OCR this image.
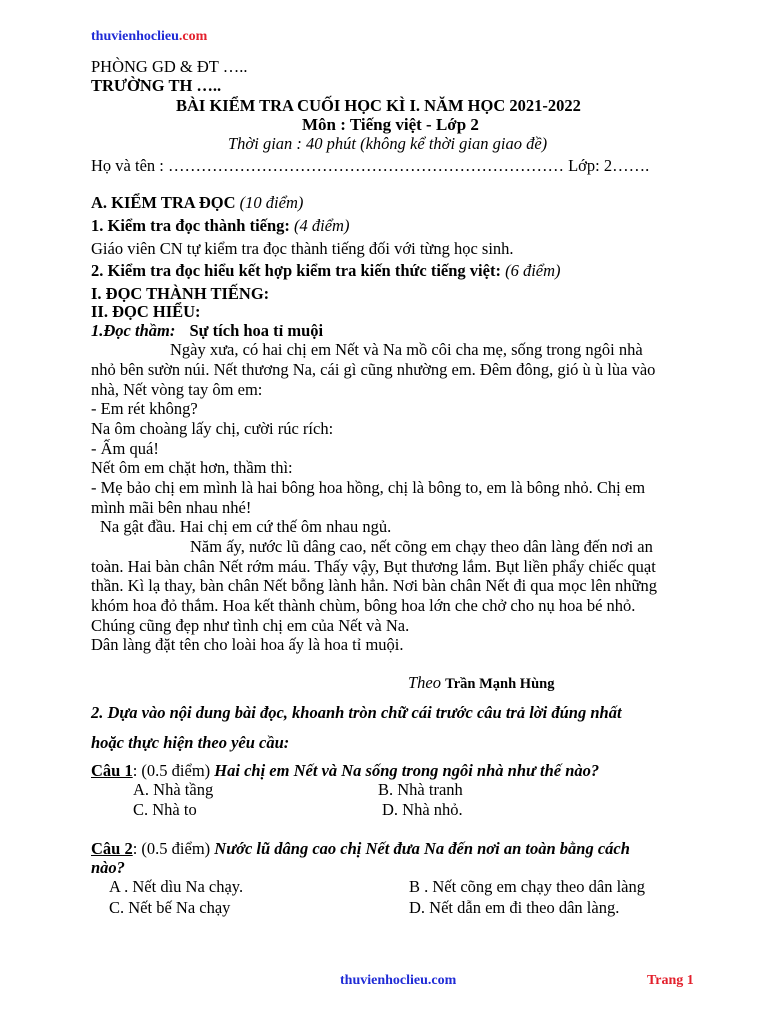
thuvienhoclieu.com
PHÒNG GD & ĐT …..
TRƯỜNG TH …..
BÀI KIỂM TRA CUỐI HỌC KÌ I. NĂM HỌC 2021-2022
Môn : Tiếng việt - Lớp 2
Thời gian : 40 phút (không kể thời gian giao đề)
Họ và tên : ……………………………………………………………… Lớp: 2…….
A. KIỂM TRA ĐỌC (10 điểm)
1. Kiểm tra đọc thành tiếng: (4 điểm)
Giáo viên CN tự kiểm tra đọc thành tiếng đối với từng học sinh.
2. Kiểm tra đọc hiểu kết hợp kiểm tra kiến thức tiếng việt: (6 điểm)
I. ĐỌC THÀNH TIẾNG:
II. ĐỌC HIỂU:
1.Đọc thầm: Sự tích hoa tỉ muội
Ngày xưa, có hai chị em Nết và Na mồ côi cha mẹ, sống trong ngôi nhà
nhỏ bên sườn núi. Nết thương Na, cái gì cũng nhường em. Đêm đông, gió ù ù lùa vào
nhà, Nết vòng tay ôm em:
- Em rét không?
Na ôm choàng lấy chị, cười rúc rích:
- Ấm quá!
Nết ôm em chặt hơn, thầm thì:
- Mẹ bảo chị em mình là hai bông hoa hồng, chị là bông to, em là bông nhỏ. Chị em
mình mãi bên nhau nhé!
Na gật đầu. Hai chị em cứ thế ôm nhau ngủ.
Năm ấy, nước lũ dâng cao, nết cõng em chạy theo dân làng đến nơi an
toàn. Hai bàn chân Nết rớm máu. Thấy vậy, Bụt thương lắm. Bụt liền phẩy chiếc quạt
thần. Kì lạ thay, bàn chân Nết bỗng lành hẳn. Nơi bàn chân Nết đi qua mọc lên những
khóm hoa đỏ thắm. Hoa kết thành chùm, bông hoa lớn che chở cho nụ hoa bé nhỏ.
Chúng cũng đẹp như tình chị em của Nết và Na.
Dân làng đặt tên cho loài hoa ấy là hoa tỉ muội.
Theo Trần Mạnh Hùng
2. Dựa vào nội dung bài đọc, khoanh tròn chữ cái trước câu trả lời đúng nhất
hoặc thực hiện theo yêu cầu:
Câu 1: (0.5 điểm) Hai chị em Nết và Na sống trong ngôi nhà như thế nào?
A. Nhà tầng	B. Nhà tranh
C. Nhà to	D. Nhà nhỏ.
Câu 2: (0.5 điểm) Nước lũ dâng cao chị Nết đưa Na đến nơi an toàn bằng cách
nào?
A . Nết dìu Na chạy.	B . Nết cõng em chạy theo dân làng
C. Nết bế Na chạy	D. Nết dẫn em đi theo dân làng.
thuvienhoclieu.com	Trang 1
